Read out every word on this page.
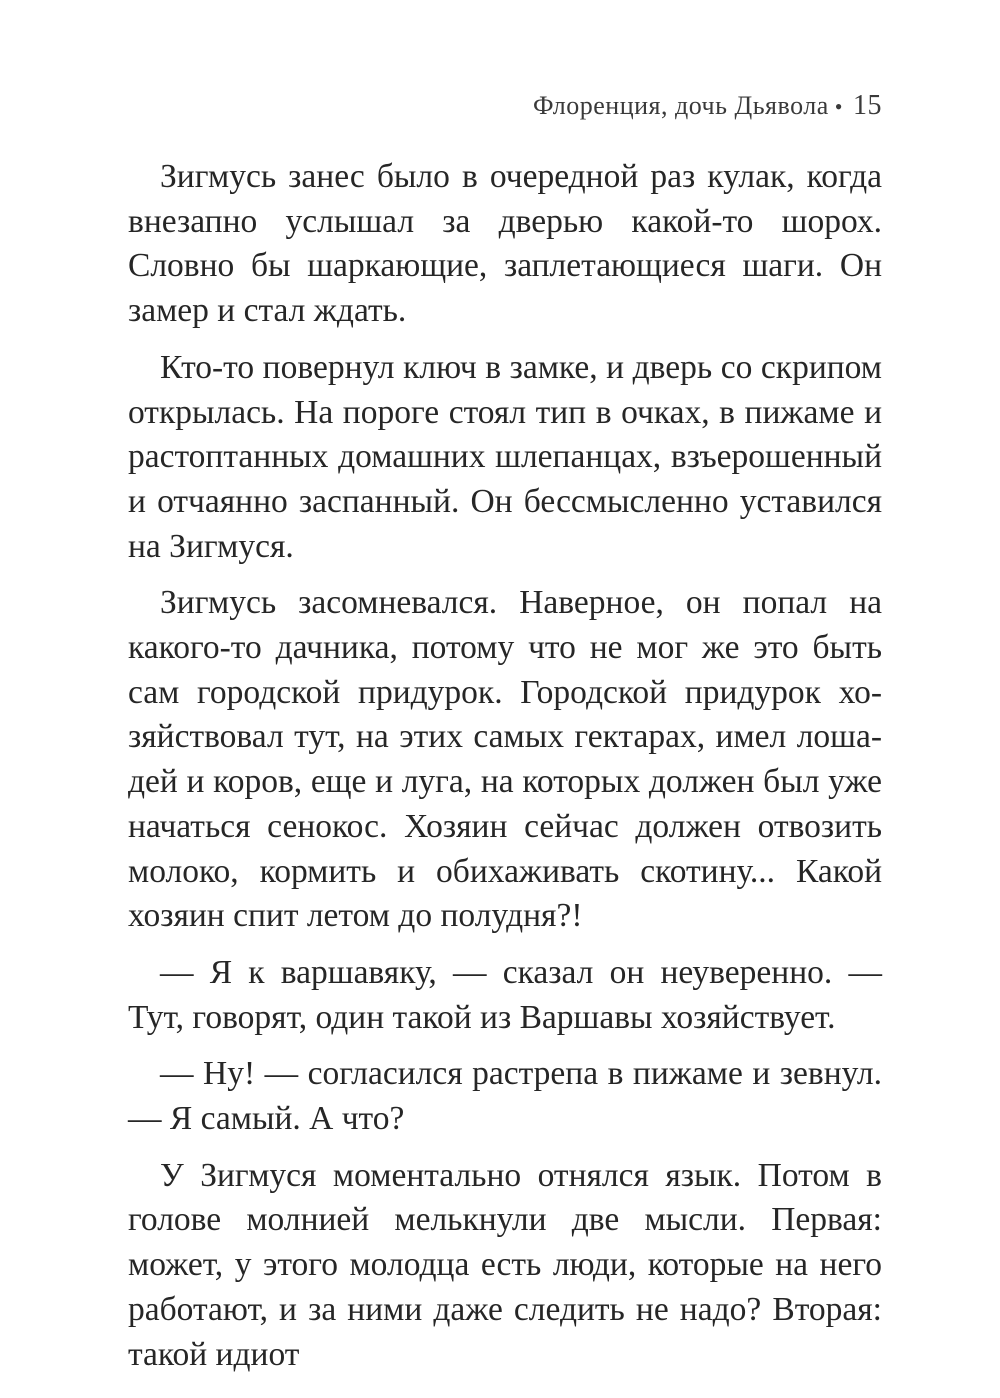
Флоренция, дочь Дьявола • 15

Зигмусь занес было в очередной раз кулак, когда внезапно услышал за дверью какой-то шорох. Словно бы шаркающие, заплетающиеся шаги. Он замер и стал ждать.

Кто-то повернул ключ в замке, и дверь со скрипом открылась. На пороге стоял тип в очках, в пижаме и растоптанных домашних шлепанцах, взъерошенный и отчаянно заспанный. Он бессмысленно уставился на Зигмуся.

Зигмусь засомневался. Наверное, он попал на какого-то дачника, потому что не мог же это быть сам городской придурок. Городской придурок хозяйствовал тут, на этих самых гектарах, имел лошадей и коров, еще и луга, на которых должен был уже начаться сенокос. Хозяин сейчас должен отвозить молоко, кормить и обихаживать скотину... Какой хозяин спит летом до полудня?!

— Я к варшавяку, — сказал он неуверенно. — Тут, говорят, один такой из Варшавы хозяйствует.

— Ну! — согласился растрепа в пижаме и зевнул. — Я самый. А что?

У Зигмуся моментально отнялся язык. Потом в голове молнией мелькнули две мысли. Первая: может, у этого молодца есть люди, которые на него работают, и за ними даже следить не надо? Вторая: такой идиот
